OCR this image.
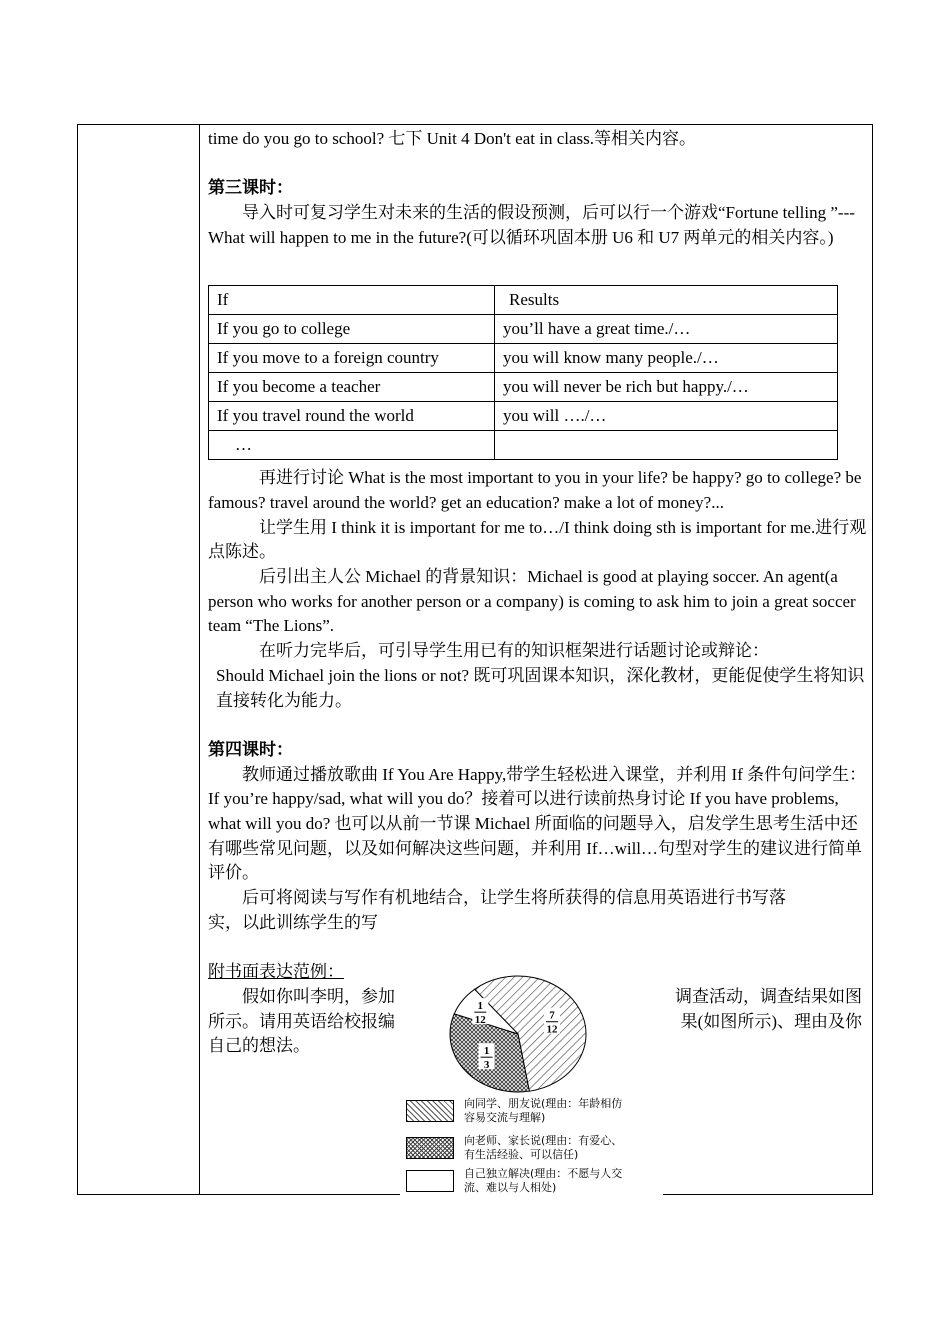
time do you go to school? 七下 Unit 4 Don't eat in class.等相关内容。

第三课时：

导入时可复习学生对未来的生活的假设预测，后可以行一个游戏“Fortune telling ”---What will happen to me in the future?(可以循环巩固本册 U6 和 U7 两单元的相关内容。)

If	Results
If you go to college	you’ll have a great time./…
If you move to a foreign country	you will know many people./…
If you become a teacher	you will never be rich but happy./…
If you travel round the world	you will …./…
…	

再进行讨论 What is the most important to you in your life? be happy? go to college? be famous? travel around the world? get an education? make a lot of money?...

让学生用 I think it is important for me to…/I think doing sth is important for me.进行观点陈述。

后引出主人公 Michael 的背景知识：Michael is good at playing soccer. An agent(a person who works for another person or a company) is coming to ask him to join a great soccer team “The Lions”.

在听力完毕后，可引导学生用已有的知识框架进行话题讨论或辩论：

Should Michael join the lions or not? 既可巩固课本知识，深化教材，更能促使学生将知识直接转化为能力。

第四课时：

教师通过播放歌曲 If You Are Happy,带学生轻松进入课堂，并利用 If 条件句问学生：If you’re happy/sad, what will you do？接着可以进行读前热身讨论 If you have problems, what will you do? 也可以从前一节课 Michael 所面临的问题导入，启发学生思考生活中还有哪些常见问题，以及如何解决这些问题，并利用 If…will…句型对学生的建议进行简单评价。

后可将阅读与写作有机地结合，让学生将所获得的信息用英语进行书写落

实，以此训练学生的写

附书面表达范例：

假如你叫李明，参加	调查活动，调查结果如图

所示。请用英语给校报编	果(如图所示)、理由及你

自己的想法。

7
12
1
3
1
12
向同学、朋友说(理由：年龄相仿
容易交流与理解)
向老师、家长说(理由：有爱心、
有生活经验、可以信任)
自己独立解决(理由：不愿与人交
流、难以与人相处)
